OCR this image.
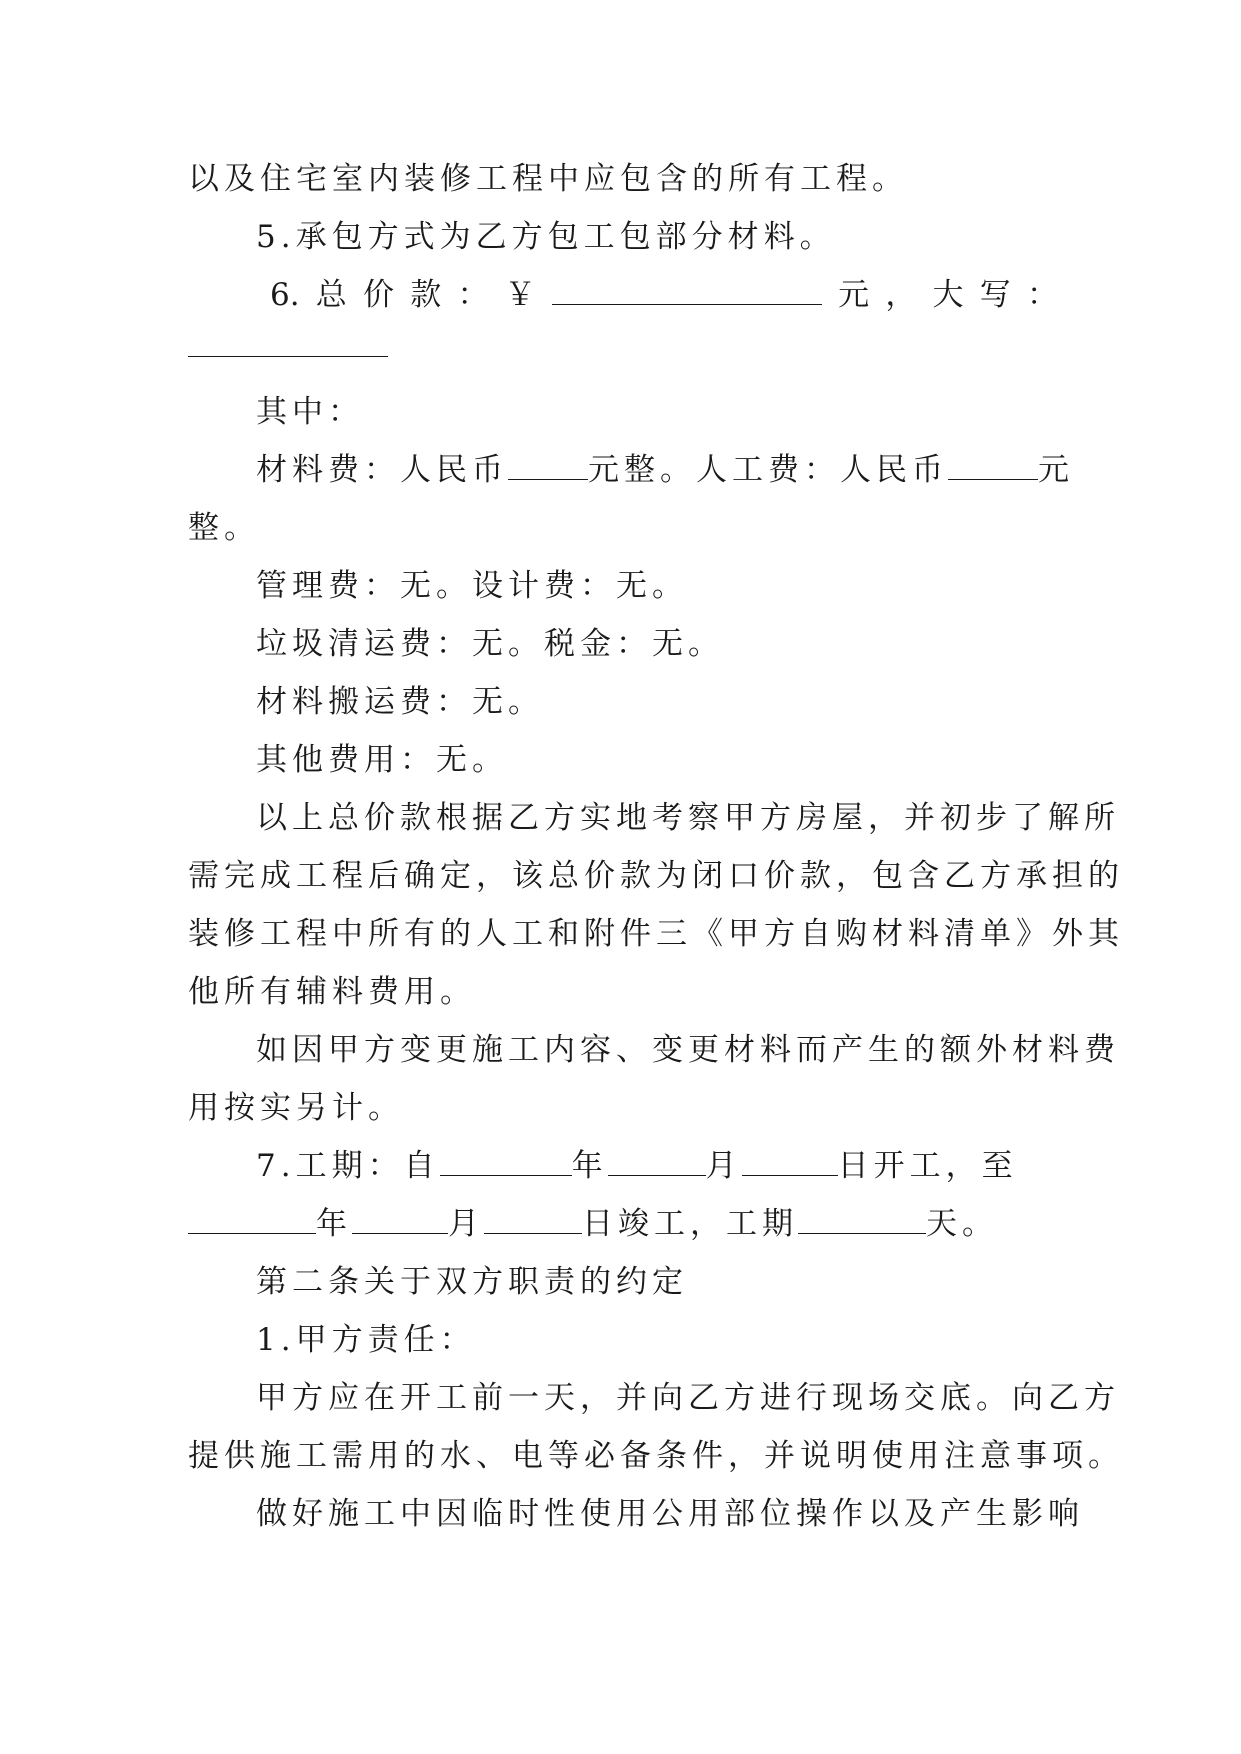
以及住宅室内装修工程中应包含的所有工程。
5.承包方式为乙方包工包部分材料。
6. 总 价 款 ： ￥	元 ， 大 写 ：
其中：
材料费：人民币	元整。人工费：人民币	元
整。
管理费：无。设计费：无。
垃圾清运费：无。税金：无。
材料搬运费：无。
其他费用：无。
以上总价款根据乙方实地考察甲方房屋，并初步了解所
需完成工程后确定，该总价款为闭口价款，包含乙方承担的
装修工程中所有的人工和附件三《甲方自购材料清单》外其
他所有辅料费用。
如因甲方变更施工内容、变更材料而产生的额外材料费
用按实另计。
7.工期：自	年	月	日开工，至
年	月	日竣工，工期	天。
第二条关于双方职责的约定
1.甲方责任：
甲方应在开工前一天，并向乙方进行现场交底。向乙方
提供施工需用的水、电等必备条件，并说明使用注意事项。
做好施工中因临时性使用公用部位操作以及产生影响
